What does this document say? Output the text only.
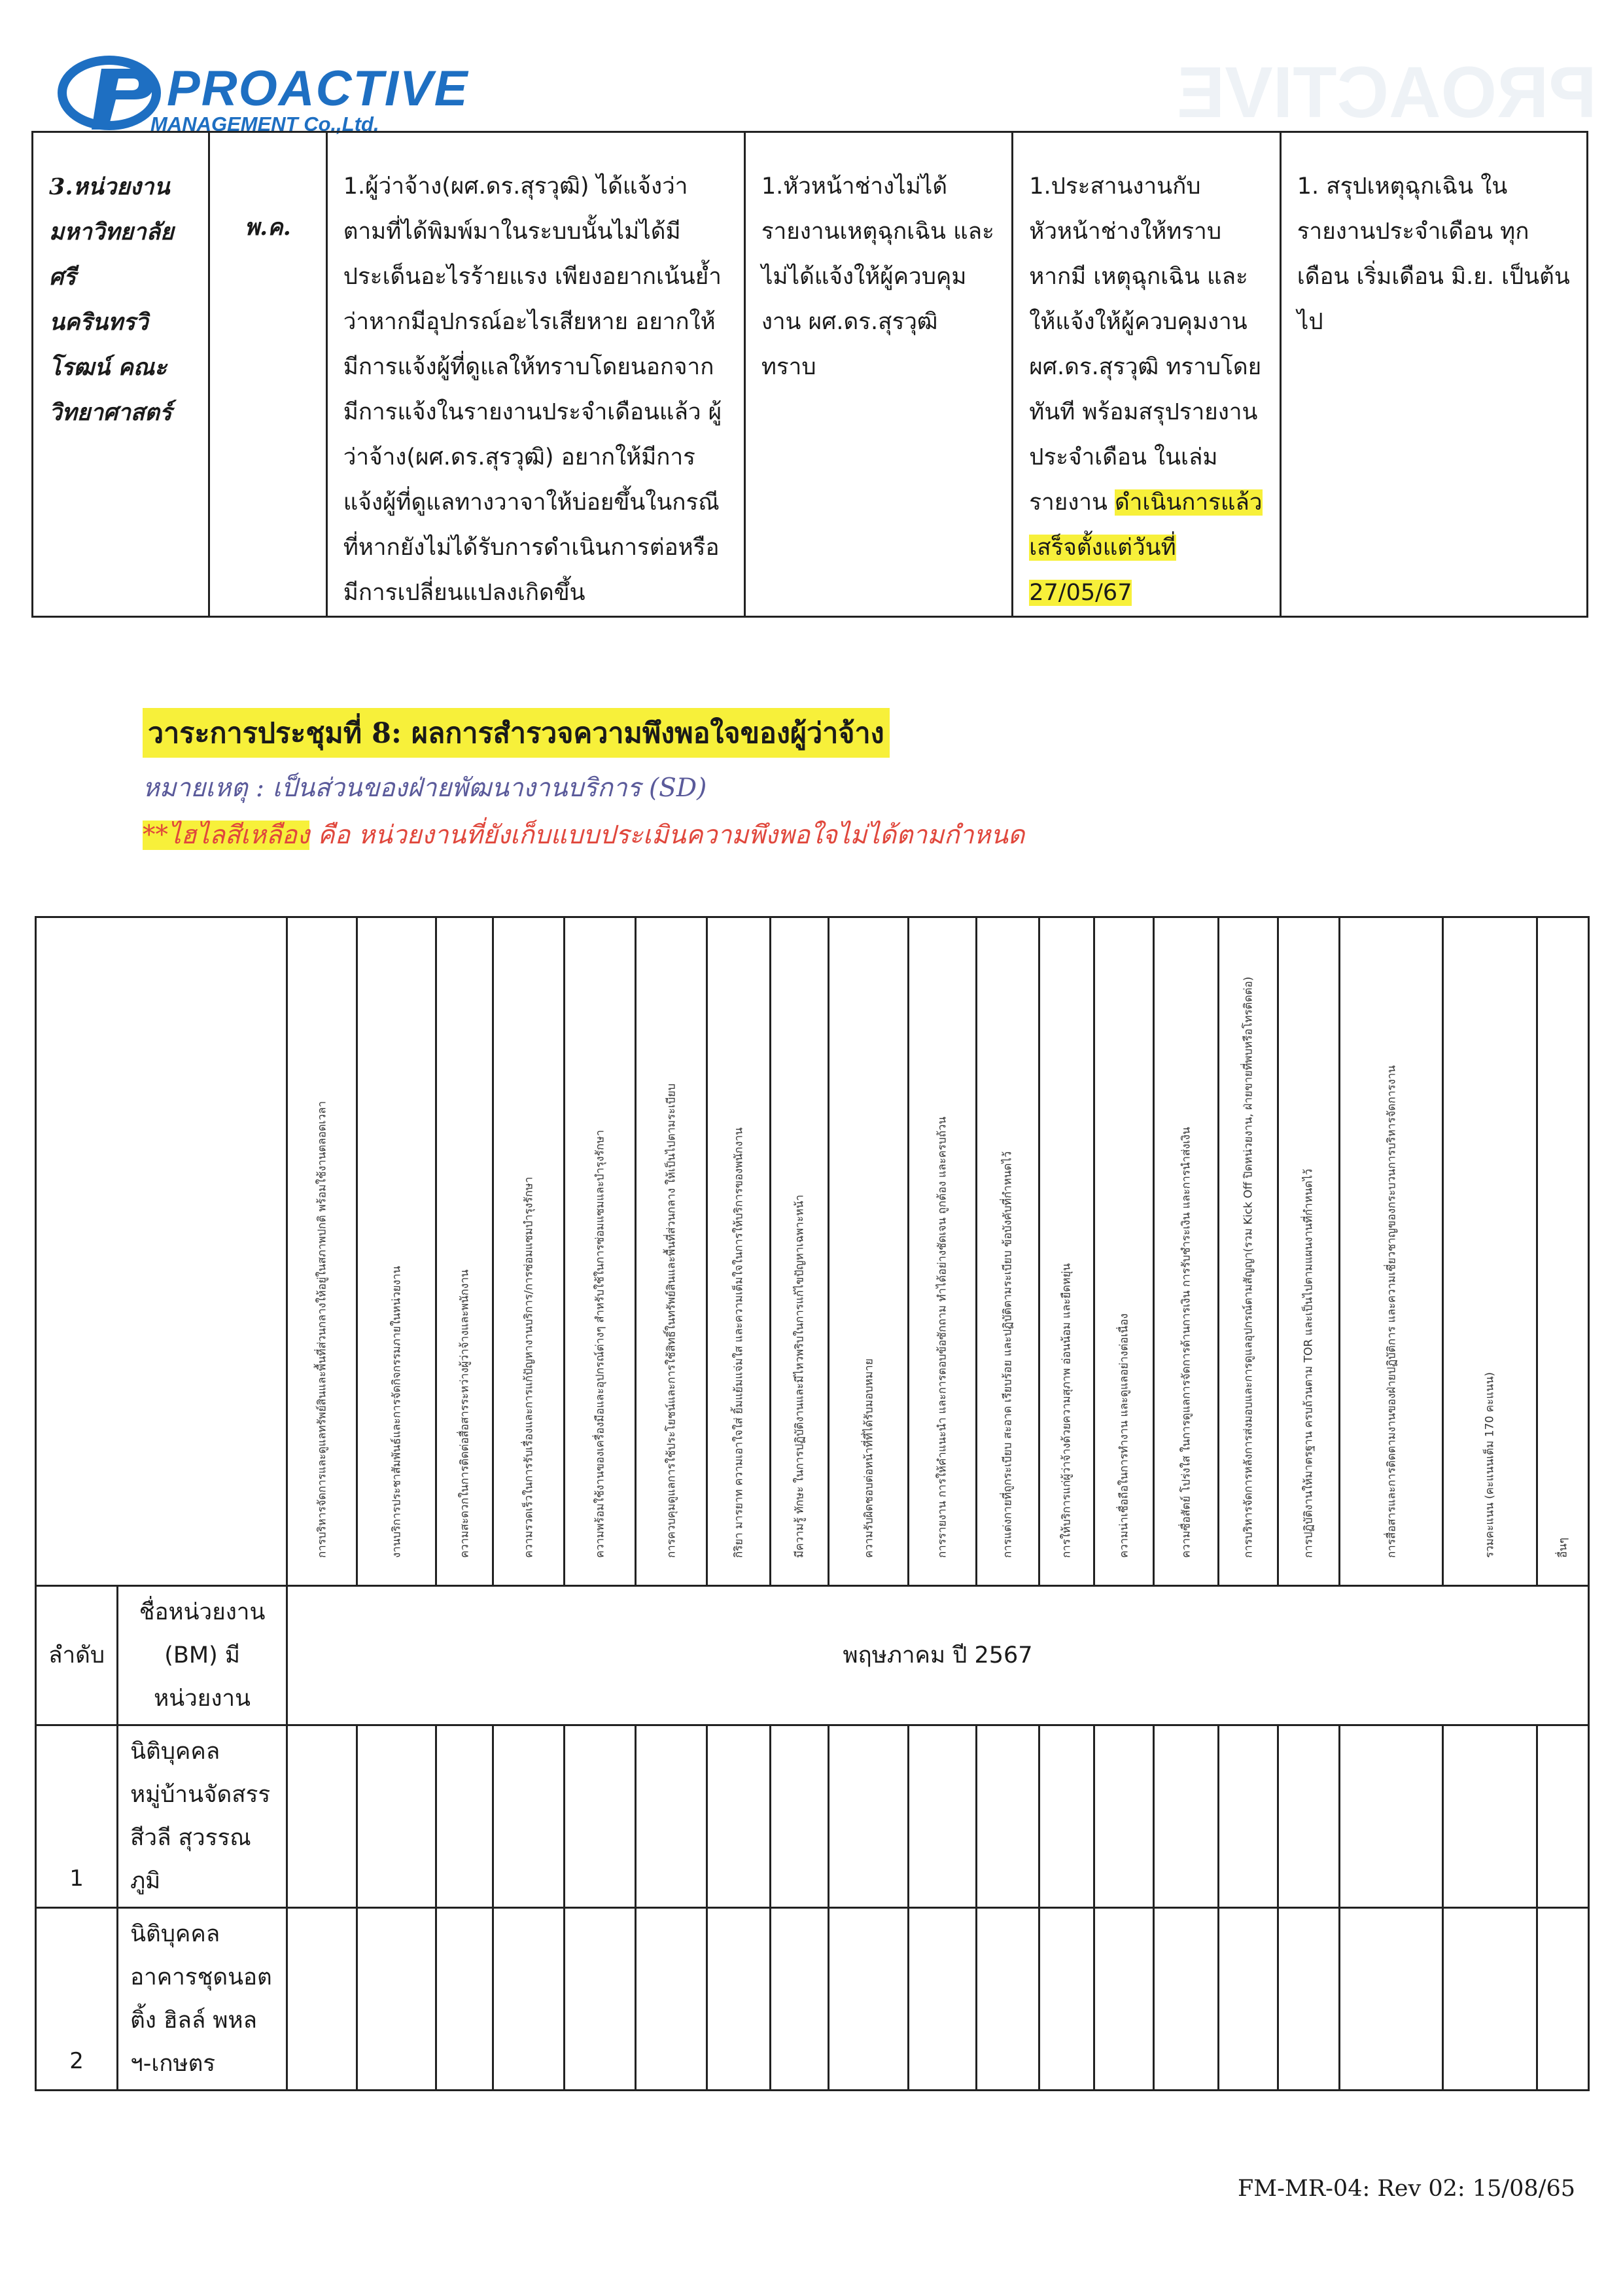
PROACTIVE
MANAGEMENT Co.,Ltd.	PROACTIVE
3.หน่วยงาน
มหาวิทยาลัยศรี
นครินทรวิ
โรฒน์ คณะ
วิทยาศาสตร์	พ.ค.	1.ผู้ว่าจ้าง(ผศ.ดร.สุรวุฒิ) ได้แจ้งว่า ตามที่ได้พิมพ์มาในระบบนั้นไม่ได้มีประเด็นอะไรร้ายแรง เพียงอยากเน้นย้ำว่าหากมีอุปกรณ์อะไรเสียหาย อยากให้มีการแจ้งผู้ที่ดูแลให้ทราบโดยนอกจากมีการแจ้งในรายงานประจำเดือนแล้ว ผู้ว่าจ้าง(ผศ.ดร.สุรวุฒิ) อยากให้มีการแจ้งผู้ที่ดูแลทางวาจาให้บ่อยขึ้นในกรณีที่หากยังไม่ได้รับการดำเนินการต่อหรือมีการเปลี่ยนแปลงเกิดขึ้น	1.หัวหน้าช่างไม่ได้รายงานเหตุฉุกเฉิน และไม่ได้แจ้งให้ผู้ควบคุมงาน ผศ.ดร.สุรวุฒิ ทราบ	1.ประสานงานกับหัวหน้าช่างให้ทราบ หากมี เหตุฉุกเฉิน และให้แจ้งให้ผู้ควบคุมงาน ผศ.ดร.สุรวุฒิ ทราบโดยทันที พร้อมสรุปรายงานประจำเดือน ในเล่มรายงาน ดำเนินการแล้วเสร็จตั้งแต่วันที่ 27/05/67	1. สรุปเหตุฉุกเฉิน ในรายงานประจำเดือน ทุกเดือน เริ่มเดือน มิ.ย. เป็นต้นไป
วาระการประชุมที่ 8: ผลการสำรวจความพึงพอใจของผู้ว่าจ้าง
หมายเหตุ : เป็นส่วนของฝ่ายพัฒนางานบริการ (SD)
**ไฮไลสีเหลือง คือ หน่วยงานที่ยังเก็บแบบประเมินความพึงพอใจไม่ได้ตามกำหนด

		การบริหารจัดการและดูแลทรัพย์สินและพื้นที่ส่วนกลางให้อยู่ในสภาพปกติ พร้อมใช้งานตลอดเวลา	งานบริการประชาสัมพันธ์และการจัดกิจกรรมภายในหน่วยงาน	ความสะดวกในการติดต่อสื่อสารระหว่างผู้ว่าจ้างและพนักงาน	ความรวดเร็วในการรับเรื่องและการแก้ปัญหางานบริการ/การซ่อมแซมบำรุงรักษา	ความพร้อมใช้งานของเครื่องมือและอุปกรณ์ต่างๆ สำหรับใช้ในการซ่อมแซมและบำรุงรักษา	การควบคุมดูแลการใช้ประโยชน์และการใช้สิทธิ์ในทรัพย์สินและพื้นที่ส่วนกลาง ให้เป็นไปตามระเบียบ	กิริยา มารยาท ความเอาใจใส่ ยิ้มแย้มแจ่มใส และความเต็มใจในการให้บริการของพนักงาน	มีความรู้ ทักษะ ในการปฏิบัติงานและมีไหวพริบในการแก้ไขปัญหาเฉพาะหน้า	ความรับผิดชอบต่อหน้าที่ที่ได้รับมอบหมาย	การรายงาน การให้คำแนะนำ และการตอบข้อซักถาม ทำได้อย่างชัดเจน ถูกต้อง และครบถ้วน	การแต่งกายที่ถูกระเบียบ สะอาด เรียบร้อย และปฏิบัติตามระเบียบ ข้อบังคับที่กำหนดไว้	การให้บริการแก่ผู้ว่าจ้างด้วยความสุภาพ อ่อนน้อม และยืดหยุ่น	ความน่าเชื่อถือในการทำงาน และดูแลอย่างต่อเนื่อง	ความซื่อสัตย์ โปร่งใส ในการดูแลการจัดการด้านการเงิน การรับชำระเงิน และการนำส่งเงิน	การบริหารจัดการหลังการส่งมอบและการดูแลอุปกรณ์ตามสัญญา(รวม Kick Off ปิดหน่วยงาน, ฝ่ายขายที่พบหรือโทรติดต่อ)	การปฏิบัติงานให้มาตรฐาน ครบถ้วนตาม TOR และเป็นไปตามแผนงานที่กำหนดไว้	การสื่อสารและการติดตามงานของฝ่ายปฏิบัติการ และความเชี่ยวชาญของกระบวนการบริหารจัดการงาน	รวมคะแนน (คะแนนเต็ม 170 คะแนน)	อื่นๆ

ลำดับ	ชื่อหน่วยงาน
(BM) มี
หน่วยงาน	พฤษภาคม ปี 2567																		
1	นิติบุคคล
หมู่บ้านจัดสรร
สีวลี สุวรรณ
ภูมิ																			
2	นิติบุคคล
อาคารชุดนอต
ติ้ง ฮิลล์ พหล
ฯ-เกษตร																			
FM-MR-04: Rev 02: 15/08/65
